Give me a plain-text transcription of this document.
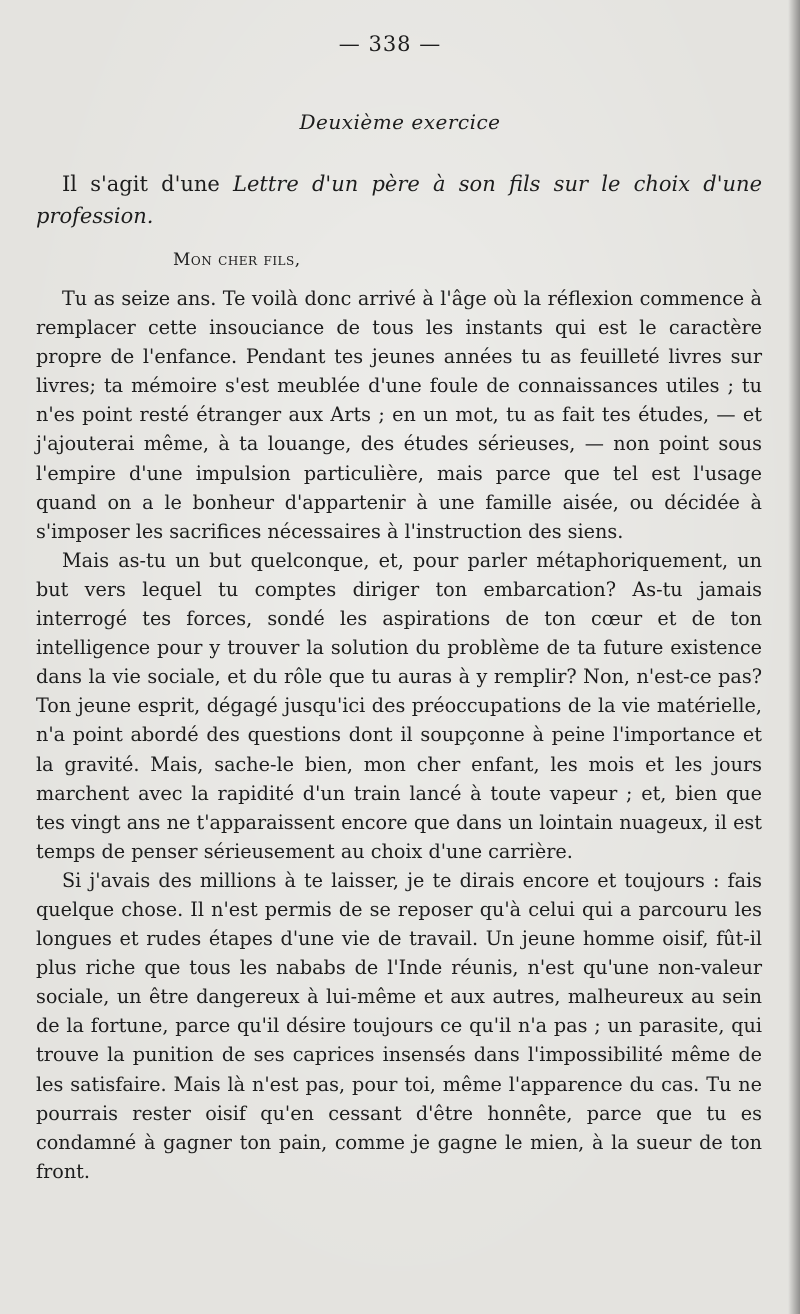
— 338 —
Deuxième exercice
Il s'agit d'une Lettre d'un père à son fils sur le choix d'une profession.
Mon cher fils,

Tu as seize ans. Te voilà donc arrivé à l'âge où la réflexion commence à remplacer cette insouciance de tous les instants qui est le caractère propre de l'enfance. Pendant tes jeunes années tu as feuilleté livres sur livres; ta mémoire s'est meublée d'une foule de connaissances utiles ; tu n'es point resté étranger aux Arts ; en un mot, tu as fait tes études, — et j'ajouterai même, à ta louange, des études sérieuses, — non point sous l'empire d'une impulsion particulière, mais parce que tel est l'usage quand on a le bonheur d'appartenir à une famille aisée, ou décidée à s'imposer les sacrifices nécessaires à l'instruction des siens.

Mais as-tu un but quelconque, et, pour parler métaphoriquement, un but vers lequel tu comptes diriger ton embarcation? As-tu jamais interrogé tes forces, sondé les aspirations de ton cœur et de ton intelligence pour y trouver la solution du problème de ta future existence dans la vie sociale, et du rôle que tu auras à y remplir? Non, n'est-ce pas? Ton jeune esprit, dégagé jusqu'ici des préoccupations de la vie matérielle, n'a point abordé des questions dont il soupçonne à peine l'importance et la gravité. Mais, sache-le bien, mon cher enfant, les mois et les jours marchent avec la rapidité d'un train lancé à toute vapeur ; et, bien que tes vingt ans ne t'apparaissent encore que dans un lointain nuageux, il est temps de penser sérieusement au choix d'une carrière.

Si j'avais des millions à te laisser, je te dirais encore et toujours : fais quelque chose. Il n'est permis de se reposer qu'à celui qui a parcouru les longues et rudes étapes d'une vie de travail. Un jeune homme oisif, fût-il plus riche que tous les nababs de l'Inde réunis, n'est qu'une non-valeur sociale, un être dangereux à lui-même et aux autres, malheureux au sein de la fortune, parce qu'il désire toujours ce qu'il n'a pas ; un parasite, qui trouve la punition de ses caprices insensés dans l'impossibilité même de les satisfaire. Mais là n'est pas, pour toi, même l'apparence du cas. Tu ne pourrais rester oisif qu'en cessant d'être honnête, parce que tu es condamné à gagner ton pain, comme je gagne le mien, à la sueur de ton front.
